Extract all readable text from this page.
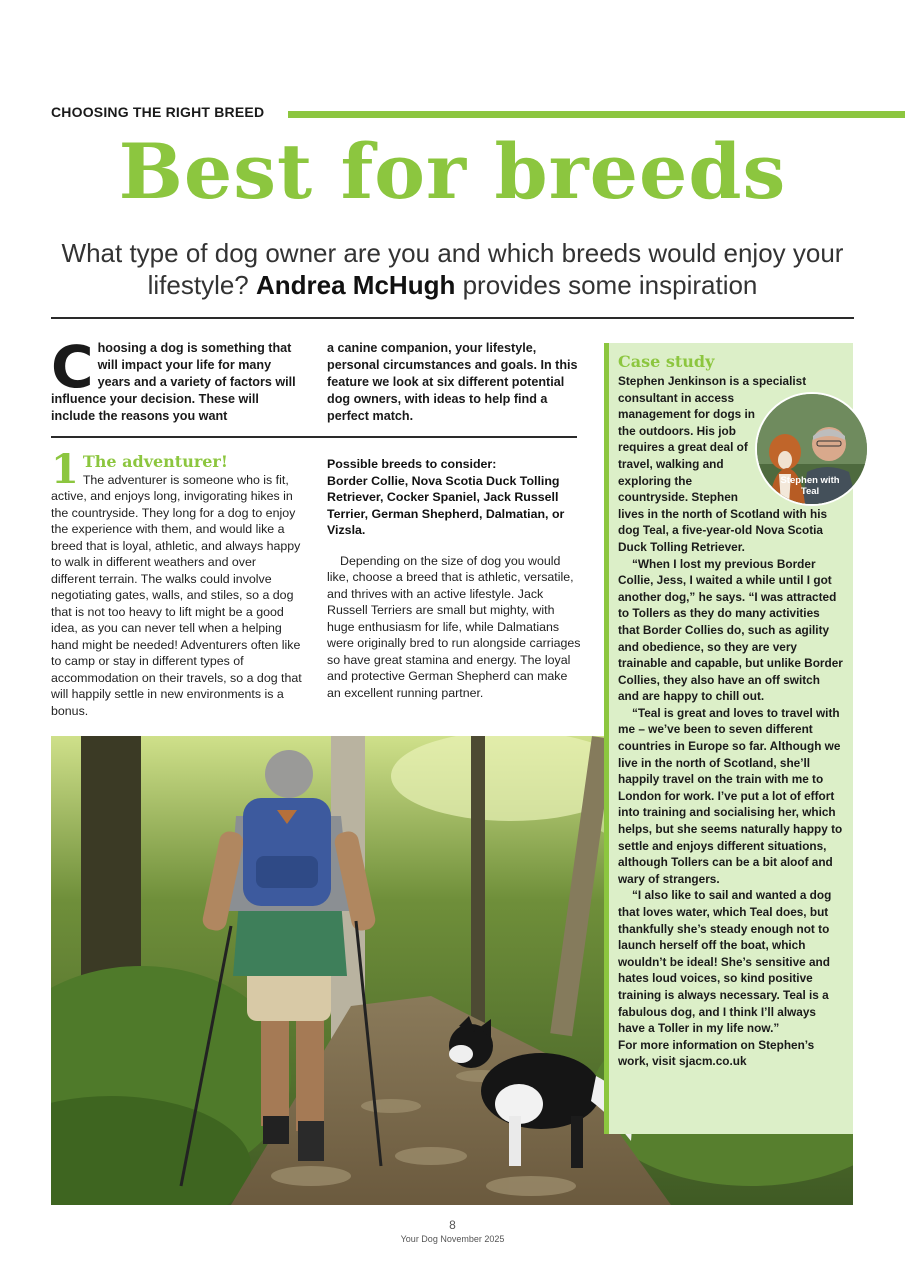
CHOOSING THE RIGHT BREED
Best for breeds
What type of dog owner are you and which breeds would enjoy your lifestyle? Andrea McHugh provides some inspiration
Choosing a dog is something that will impact your life for many years and a variety of factors will influence your decision. These will include the reasons you want
a canine companion, your lifestyle, personal circumstances and goals. In this feature we look at six different potential dog owners, with ideas to help find a perfect match.
1 The adventurer!
The adventurer is someone who is fit, active, and enjoys long, invigorating hikes in the countryside. They long for a dog to enjoy the experience with them, and would like a breed that is loyal, athletic, and always happy to walk in different weathers and over different terrain. The walks could involve negotiating gates, walls, and stiles, so a dog that is not too heavy to lift might be a good idea, as you can never tell when a helping hand might be needed! Adventurers often like to camp or stay in different types of accommodation on their travels, so a dog that will happily settle in new environments is a bonus.

Possible breeds to consider:

Border Collie, Nova Scotia Duck Tolling Retriever, Cocker Spaniel, Jack Russell Terrier, German Shepherd, Dalmatian, or Vizsla.

Depending on the size of dog you would like, choose a breed that is athletic, versatile, and thrives with an active lifestyle. Jack Russell Terriers are small but mighty, with huge enthusiasm for life, while Dalmatians were originally bred to run alongside carriages so have great stamina and energy. The loyal and protective German Shepherd can make an excellent running partner.

Case study

Stephen Jenkinson is a specialist consultant in access management for dogs in the outdoors. His job requires a great deal of travel, walking and exploring the countryside. Stephen lives in the north of Scotland with his dog Teal, a five-year-old Nova Scotia Duck Tolling Retriever.

“When I lost my previous Border Collie, Jess, I waited a while until I got another dog,” he says. “I was attracted to Tollers as they do many activities that Border Collies do, such as agility and obedience, so they are very trainable and capable, but unlike Border Collies, they also have an off switch and are happy to chill out.

“Teal is great and loves to travel with me – we’ve been to seven different countries in Europe so far. Although we live in the north of Scotland, she’ll happily travel on the train with me to London for work. I’ve put a lot of effort into training and socialising her, which helps, but she seems naturally happy to settle and enjoys different situations, although Tollers can be a bit aloof and wary of strangers.

“I also like to sail and wanted a dog that loves water, which Teal does, but thankfully she’s steady enough not to launch herself off the boat, which wouldn’t be ideal! She’s sensitive and hates loud voices, so kind positive training is always necessary. Teal is a fabulous dog, and I think I’ll always have a Toller in my life now.”

For more information on Stephen’s work, visit sjacm.co.uk

Stephen with Teal
8
Your Dog November 2025
